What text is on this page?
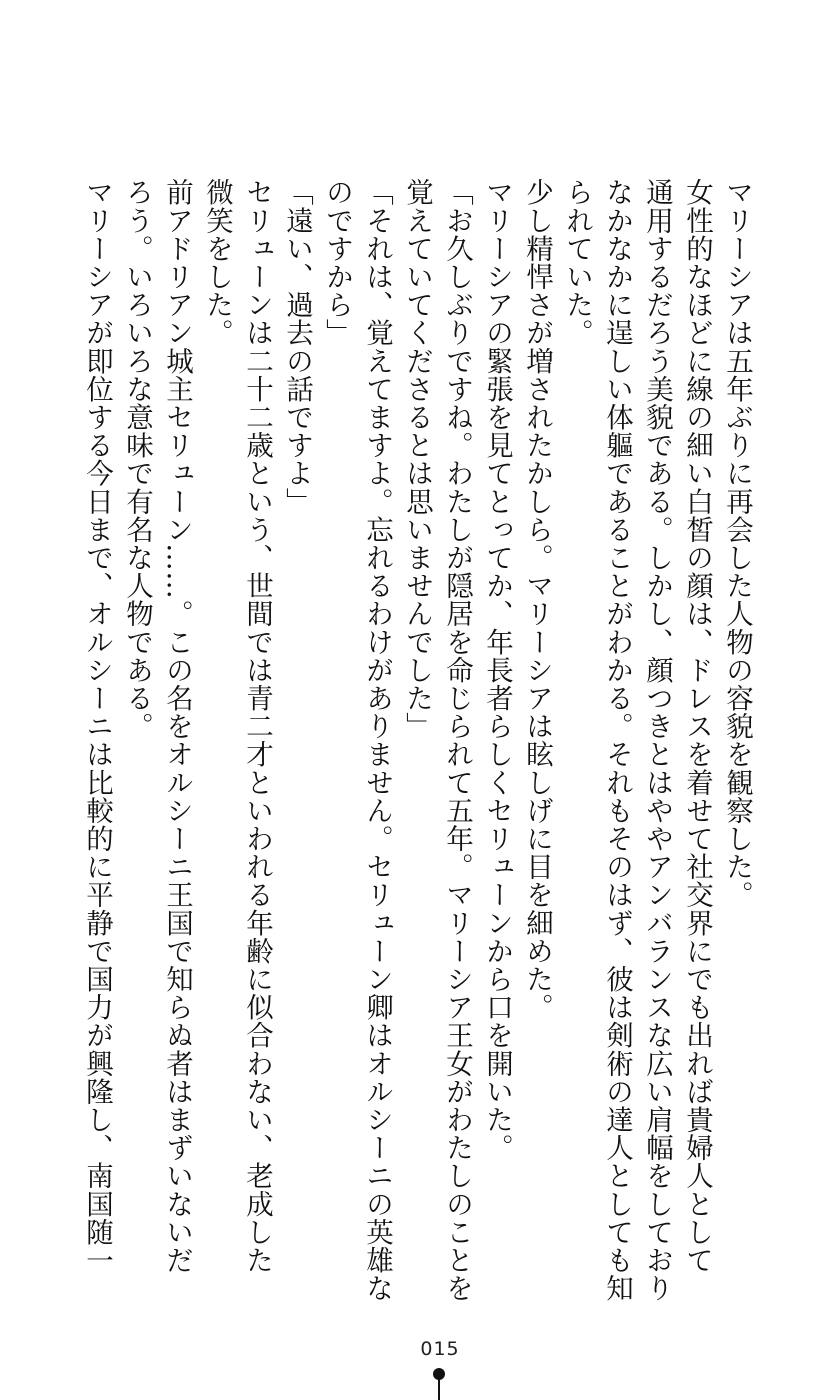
マリーシアは五年ぶりに再会した人物の容貌を観察した。
女性的なほどに線の細い白皙の顔は、ドレスを着せて社交界にでも出れば貴婦人として
通用するだろう美貌である。しかし、顔つきとはややアンバランスな広い肩幅をしており
なかなかに逞しい体軀であることがわかる。それもそのはず、彼は剣術の達人としても知
られていた。
少し精悍さが増されたかしら。マリーシアは眩しげに目を細めた。
マリーシアの緊張を見てとってか、年長者らしくセリューンから口を開いた。
「お久しぶりですね。わたしが隠居を命じられて五年。マリーシア王女がわたしのことを
覚えていてくださるとは思いませんでした」
「それは、覚えてますよ。忘れるわけがありません。セリューン卿はオルシーニの英雄な
のですから」
「遠い、過去の話ですよ」
セリューンは二十二歳という、世間では青二才といわれる年齢に似合わない、老成した
微笑をした。
前アドリアン城主セリューン……。この名をオルシーニ王国で知らぬ者はまずいないだ
ろう。いろいろな意味で有名な人物である。
マリーシアが即位する今日まで、オルシーニは比較的に平静で国力が興隆し、南国随一
015
